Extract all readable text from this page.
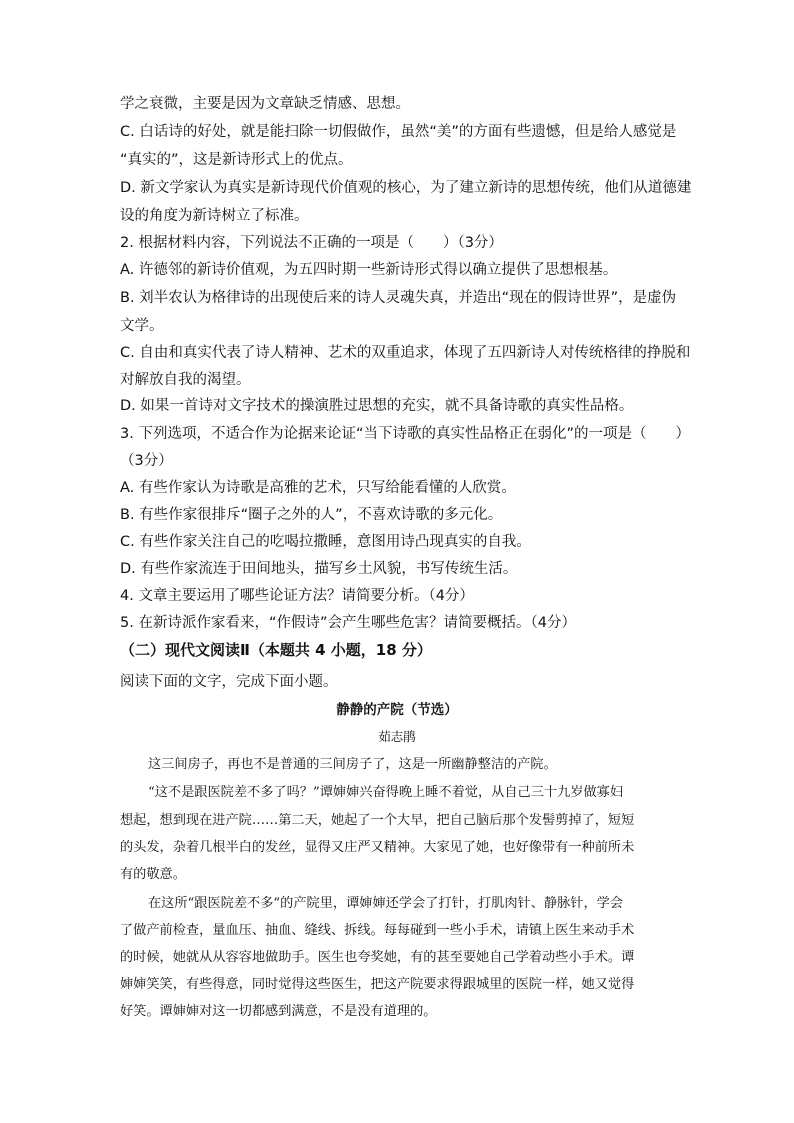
学之衰微，主要是因为文章缺乏情感、思想。
C. 白话诗的好处，就是能扫除一切假做作，虽然“美”的方面有些遗憾，但是给人感觉是
“真实的”，这是新诗形式上的优点。
D. 新文学家认为真实是新诗现代价值观的核心，为了建立新诗的思想传统，他们从道德建
设的角度为新诗树立了标准。
2. 根据材料内容，下列说法不正确的一项是（　　）（3分）
A. 许德邻的新诗价值观，为五四时期一些新诗形式得以确立提供了思想根基。
B. 刘半农认为格律诗的出现使后来的诗人灵魂失真，并造出“现在的假诗世界”，是虚伪
文学。
C. 自由和真实代表了诗人精神、艺术的双重追求，体现了五四新诗人对传统格律的挣脱和
对解放自我的渴望。
D. 如果一首诗对文字技术的操演胜过思想的充实，就不具备诗歌的真实性品格。
3. 下列选项，不适合作为论据来论证“当下诗歌的真实性品格正在弱化”的一项是（　　）
（3分）
A. 有些作家认为诗歌是高雅的艺术，只写给能看懂的人欣赏。
B. 有些作家很排斥“圈子之外的人”，不喜欢诗歌的多元化。
C. 有些作家关注自己的吃喝拉撒睡，意图用诗凸现真实的自我。
D. 有些作家流连于田间地头，描写乡土风貌，书写传统生活。
4. 文章主要运用了哪些论证方法？请简要分析。（4分）
5. 在新诗派作家看来，“作假诗”会产生哪些危害？请简要概括。（4分）
（二）现代文阅读Ⅱ（本题共 4 小题，18 分）
阅读下面的文字，完成下面小题。
静静的产院（节选）
茹志鹃
这三间房子，再也不是普通的三间房子了，这是一所幽静整洁的产院。
“这不是跟医院差不多了吗？”谭婶婶兴奋得晚上睡不着觉，从自己三十九岁做寡妇
想起，想到现在进产院……第二天，她起了一个大早，把自己脑后那个发髻剪掉了，短短
的头发，杂着几根半白的发丝，显得又庄严又精神。大家见了她，也好像带有一种前所未
有的敬意。
在这所“跟医院差不多”的产院里，谭婶婶还学会了打针，打肌肉针、静脉针，学会
了做产前检查，量血压、抽血、缝线、拆线。每每碰到一些小手术，请镇上医生来动手术
的时候，她就从从容容地做助手。医生也夸奖她，有的甚至要她自己学着动些小手术。谭
婶婶笑笑，有些得意，同时觉得这些医生，把这产院要求得跟城里的医院一样，她又觉得
好笑。谭婶婶对这一切都感到满意，不是没有道理的。
